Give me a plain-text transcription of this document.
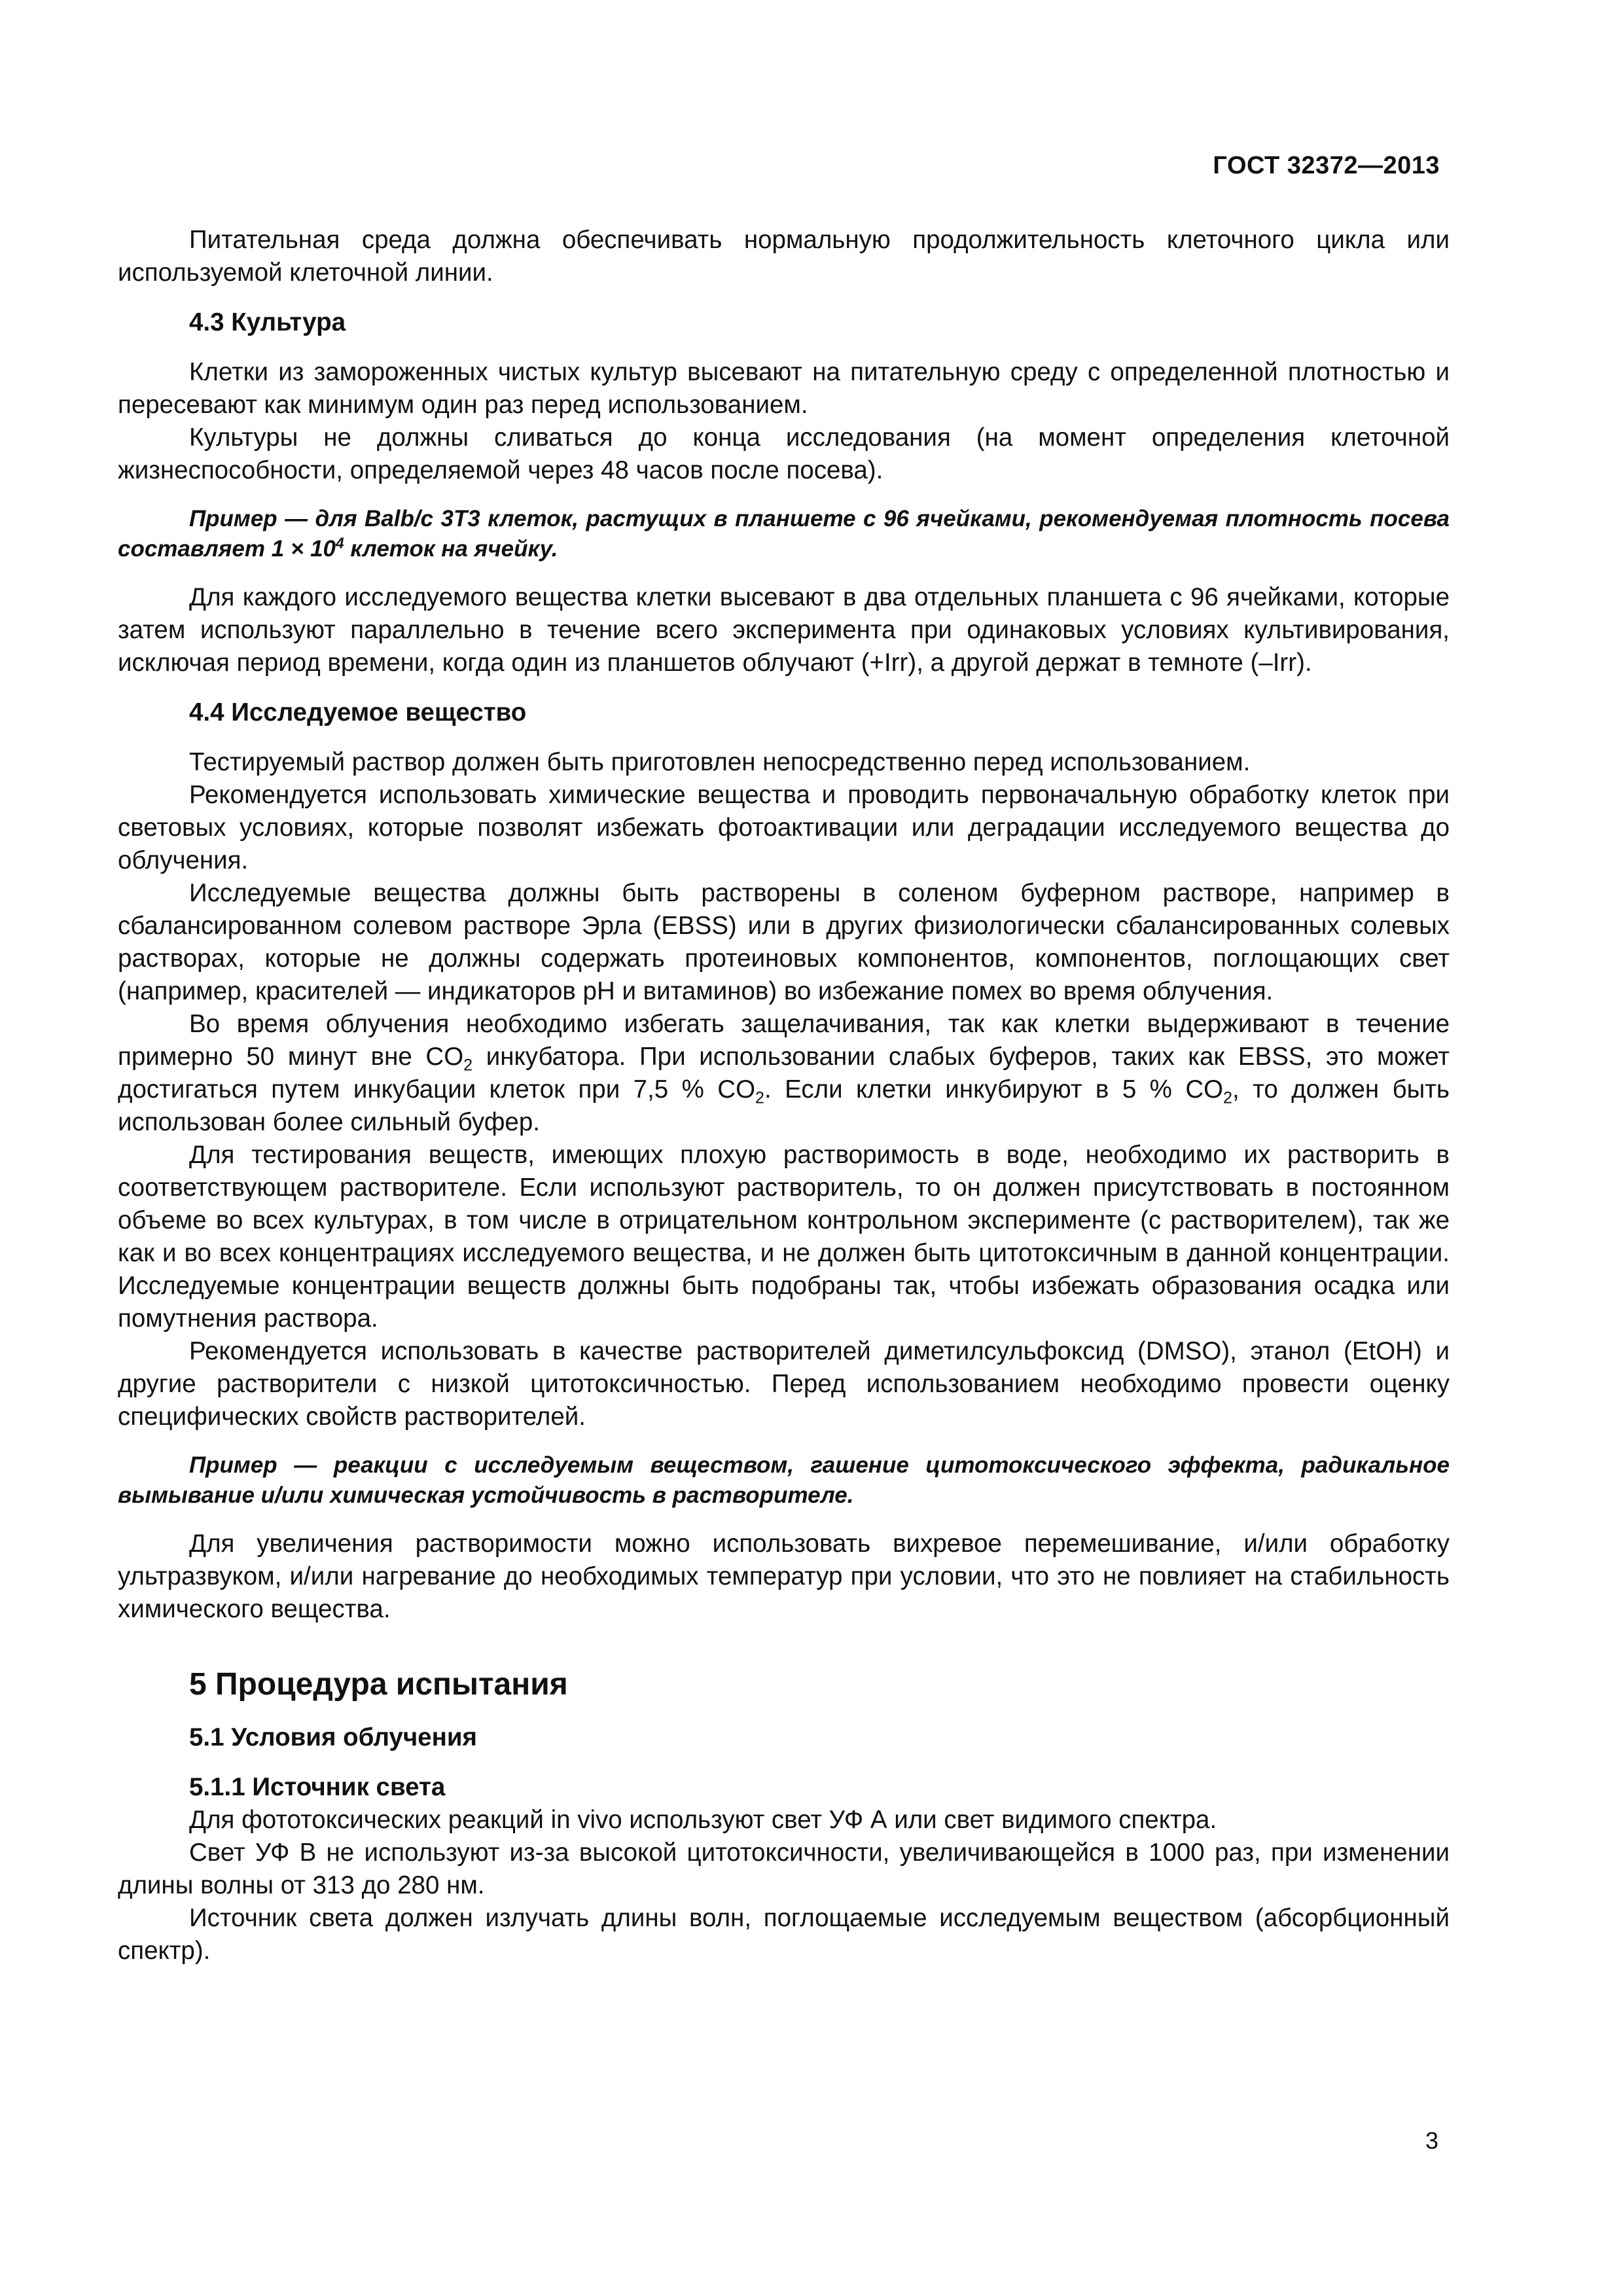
ГОСТ 32372—2013

Питательная среда должна обеспечивать нормальную продолжительность клеточного цикла или используемой клеточной линии.

4.3 Культура

Клетки из замороженных чистых культур высевают на питательную среду с определенной плотностью и пересевают как минимум один раз перед использованием.

Культуры не должны сливаться до конца исследования (на момент определения клеточной жизнеспособности, определяемой через 48 часов после посева).

Пример — для Balb/c 3T3 клеток, растущих в планшете с 96 ячейками, рекомендуемая плотность посева составляет $1 \times 10^4$ клеток на ячейку.

Для каждого исследуемого вещества клетки высевают в два отдельных планшета с 96 ячейками, которые затем используют параллельно в течение всего эксперимента при одинаковых условиях культивирования, исключая период времени, когда один из планшетов облучают (+Irr), а другой держат в темноте (–Irr).

4.4 Исследуемое вещество

Тестируемый раствор должен быть приготовлен непосредственно перед использованием.

Рекомендуется использовать химические вещества и проводить первоначальную обработку клеток при световых условиях, которые позволят избежать фотоактивации или деградации исследуемого вещества до облучения.

Исследуемые вещества должны быть растворены в соленом буферном растворе, например в сбалансированном солевом растворе Эрла (EBSS) или в других физиологически сбалансированных солевых растворах, которые не должны содержать протеиновых компонентов, компонентов, поглощающих свет (например, красителей — индикаторов pH и витаминов) во избежание помех во время облучения.

Во время облучения необходимо избегать защелачивания, так как клетки выдерживают в течение примерно 50 минут вне $CO_2$ инкубатора. При использовании слабых буферов, таких как EBSS, это может достигаться путем инкубации клеток при 7,5 % $CO_2$. Если клетки инкубируют в 5 % $CO_2$, то должен быть использован более сильный буфер.

Для тестирования веществ, имеющих плохую растворимость в воде, необходимо их растворить в соответствующем растворителе. Если используют растворитель, то он должен присутствовать в постоянном объеме во всех культурах, в том числе в отрицательном контрольном эксперименте (с растворителем), так же как и во всех концентрациях исследуемого вещества, и не должен быть цитотоксичным в данной концентрации. Исследуемые концентрации веществ должны быть подобраны так, чтобы избежать образования осадка или помутнения раствора.

Рекомендуется использовать в качестве растворителей диметилсульфоксид (DMSO), этанол (EtOH) и другие растворители с низкой цитотоксичностью. Перед использованием необходимо провести оценку специфических свойств растворителей.

Пример — реакции с исследуемым веществом, гашение цитотоксического эффекта, радикальное вымывание и/или химическая устойчивость в растворителе.

Для увеличения растворимости можно использовать вихревое перемешивание, и/или обработку ультразвуком, и/или нагревание до необходимых температур при условии, что это не повлияет на стабильность химического вещества.

5 Процедура испытания
5.1 Условия облучения
5.1.1 Источник света

Для фототоксических реакций in vivo используют свет УФ А или свет видимого спектра.

Свет УФ В не используют из-за высокой цитотоксичности, увеличивающейся в 1000 раз, при изменении длины волны от 313 до 280 нм.

Источник света должен излучать длины волн, поглощаемые исследуемым веществом (абсорбционный спектр).

3
